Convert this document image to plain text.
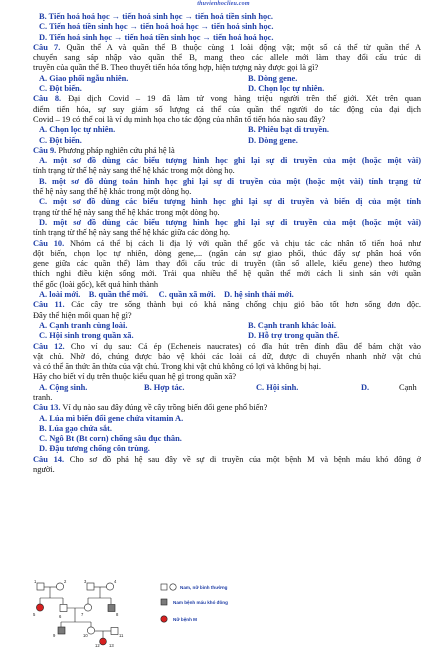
thuvienhoclieu.com
B. Tiến hoá hoá học → tiến hoá sinh học → tiến hoá tiền sinh học.
C. Tiến hoá tiền sinh học → tiến hoá hoá học → tiến hoá sinh học.
D. Tiến hoá sinh học → tiến hoá tiền sinh học → tiến hoá hoá học.
Câu 7. Quần thể A và quần thể B thuộc cùng 1 loài động vật; một số cá thể từ quần thể A
chuyển sang sáp nhập vào quần thể B, mang theo các allele mới làm thay đổi cấu trúc di
truyền của quần thể B. Theo thuyết tiến hóa tổng hợp, hiện tượng này được gọi là gì?
A. Giao phối ngẫu nhiên.	B. Dòng gene.
C. Đột biến.	D. Chọn lọc tự nhiên.
Câu 8. Đại dịch Covid – 19 đã làm tử vong hàng triệu người trên thế giới. Xét trên quan
điểm tiến hóa, sự suy giảm số lượng cá thể của quần thể người do tác động của đại dịch
Covid – 19 có thể coi là ví dụ minh họa cho tác động của nhân tố tiến hóa nào sau đây?
A. Chọn lọc tự nhiên.	B. Phiêu bạt di truyền.
C. Đột biến.	D. Dòng gene.
Câu 9. Phương pháp nghiên cứu phả hệ là
A. một sơ đồ dùng các biểu tượng hình học ghi lại sự di truyền của một (hoặc một vài)
tính trạng từ thế hệ này sang thế hệ khác trong một dòng họ.
B. một sơ đồ dùng toán hình học ghi lại sự di truyền của một (hoặc một vài) tính trạng từ
thế hệ này sang thế hệ khác trong một dòng họ.
C. một sơ đồ dùng các biểu tượng hình học ghi lại sự di truyền và biến dị của một tính
trạng từ thế hệ này sang thế hệ khác trong một dòng họ.
D. một sơ đồ dùng các biểu tượng hình học ghi lại sự di truyền của một (hoặc một vài)
tính trạng từ thế hệ này sang thế hệ khác giữa các dòng họ.
Câu 10. Nhóm cá thể bị cách li địa lý với quần thể gốc và chịu tác các nhân tố tiến hoá như
đột biến, chọn lọc tự nhiên, dòng gene,... (ngăn cản sự giao phối, thúc đẩy sự phân hoá vốn
gene giữa các quần thể) làm thay đổi cấu trúc di truyền (tần số allele, kiểu gene) theo hướng
thích nghi điều kiện sống mới. Trải qua nhiều thế hệ quần thể mới cách li sinh sản với quần
thể gốc (loài gốc), kết quả hình thành
A. loài mới. B. quần thể mới. C. quần xã mới. D. hệ sinh thái mới.
Câu 11. Các cây tre sống thành bụi có khả năng chống chịu gió bão tốt hơn sống đơn độc.
Đây thể hiện mối quan hệ gì?
A. Cạnh tranh cùng loài.	B. Cạnh tranh khác loài.
C. Hội sinh trong quần xã.	D. Hỗ trợ trong quần thể.
Câu 12. Cho ví dụ sau: Cá ép (Echeneis naucrates) có đĩa hút trên đỉnh đầu để bám chặt vào
vật chủ. Nhờ đó, chúng được bảo vệ khỏi các loài cá dữ, được di chuyển nhanh nhờ vật chủ
và có thể ăn thức ăn thừa của vật chủ. Trong khi vật chủ không có lợi và không bị hại.
Hãy cho biết ví dụ trên thuộc kiểu quan hệ gì trong quần xã?
A. Cộng sinh.	B. Hợp tác.	C. Hội sinh.	D.	Cạnh
tranh.
Câu 13. Ví dụ nào sau đây đúng về cây trồng biến đổi gene phổ biến?
A. Lúa mì biến đổi gene chứa vitamin A.
B. Lúa gạo chứa sắt.
C. Ngô Bt (Bt corn) chống sâu đục thân.
D. Đậu tương chống côn trùng.
Câu 14. Cho sơ đồ phả hệ sau đây về sự di truyền của một bệnh M và bệnh máu khó đông ở
người.
1	2	3	4
5	6	7	8
9	10	11
12 13
Nam, nữ bình thường
Nam bệnh máu khó đông
Nữ bệnh M
